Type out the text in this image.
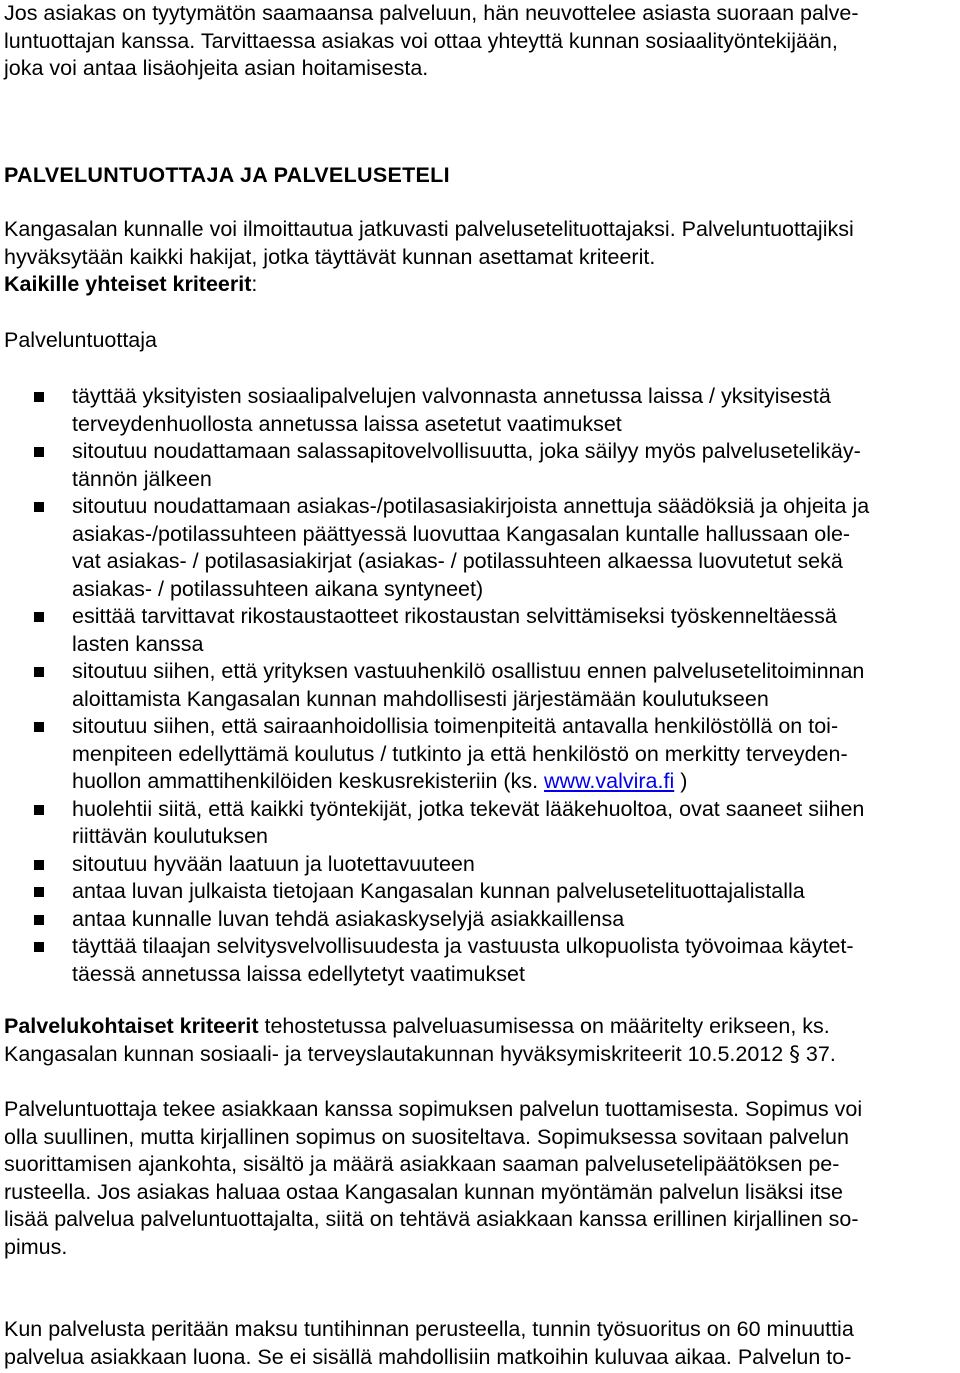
Jos asiakas on tyytymätön saamaansa palveluun, hän neuvottelee asiasta suoraan palve-

luntuottajan kanssa. Tarvittaessa asiakas voi ottaa yhteyttä kunnan sosiaalityöntekijään,

joka voi antaa lisäohjeita asian hoitamisesta.

PALVELUNTUOTTAJA JA PALVELUSETELI

Kangasalan kunnalle voi ilmoittautua jatkuvasti palvelusetelituottajaksi. Palveluntuottajiksi

hyväksytään kaikki hakijat, jotka täyttävät kunnan asettamat kriteerit.

Kaikille yhteiset kriteerit:

Palveluntuottaja

täyttää yksityisten sosiaalipalvelujen valvonnasta annetussa laissa / yksityisestä

terveydenhuollosta annetussa laissa asetetut vaatimukset

sitoutuu noudattamaan salassapitovelvollisuutta, joka säilyy myös palvelusetelikäy-

tännön jälkeen

sitoutuu noudattamaan asiakas-/potilasasiakirjoista annettuja säädöksiä ja ohjeita ja

asiakas-/potilassuhteen päättyessä luovuttaa Kangasalan kuntalle hallussaan ole-

vat asiakas- / potilasasiakirjat (asiakas- / potilassuhteen alkaessa luovutetut sekä

asiakas- / potilassuhteen aikana syntyneet)

esittää tarvittavat rikostaustaotteet rikostaustan selvittämiseksi työskenneltäessä

lasten kanssa

sitoutuu siihen, että yrityksen vastuuhenkilö osallistuu ennen palvelusetelitoiminnan

aloittamista Kangasalan kunnan mahdollisesti järjestämään koulutukseen

sitoutuu siihen, että sairaanhoidollisia toimenpiteitä antavalla henkilöstöllä on toi-

menpiteen edellyttämä koulutus / tutkinto ja että henkilöstö on merkitty terveyden-

huollon ammattihenkilöiden keskusrekisteriin (ks. www.valvira.fi )

huolehtii siitä, että kaikki työntekijät, jotka tekevät lääkehuoltoa, ovat saaneet siihen

riittävän koulutuksen

sitoutuu hyvään laatuun ja luotettavuuteen

antaa luvan julkaista tietojaan Kangasalan kunnan palvelusetelituottajalistalla

antaa kunnalle luvan tehdä asiakaskyselyjä asiakkaillensa

täyttää tilaajan selvitysvelvollisuudesta ja vastuusta ulkopuolista työvoimaa käytet-

täessä annetussa laissa edellytetyt vaatimukset

Palvelukohtaiset kriteerit tehostetussa palveluasumisessa on määritelty erikseen, ks.

Kangasalan kunnan sosiaali- ja terveyslautakunnan hyväksymiskriteerit 10.5.2012 § 37.

Palveluntuottaja tekee asiakkaan kanssa sopimuksen palvelun tuottamisesta. Sopimus voi

olla suullinen, mutta kirjallinen sopimus on suositeltava. Sopimuksessa sovitaan palvelun

suorittamisen ajankohta, sisältö ja määrä asiakkaan saaman palvelusetelipäätöksen pe-

rusteella. Jos asiakas haluaa ostaa Kangasalan kunnan myöntämän palvelun lisäksi itse

lisää palvelua palveluntuottajalta, siitä on tehtävä asiakkaan kanssa erillinen kirjallinen so-

pimus.

Kun palvelusta peritään maksu tuntihinnan perusteella, tunnin työsuoritus on 60 minuuttia

palvelua asiakkaan luona. Se ei sisällä mahdollisiin matkoihin kuluvaa aikaa. Palvelun to-
